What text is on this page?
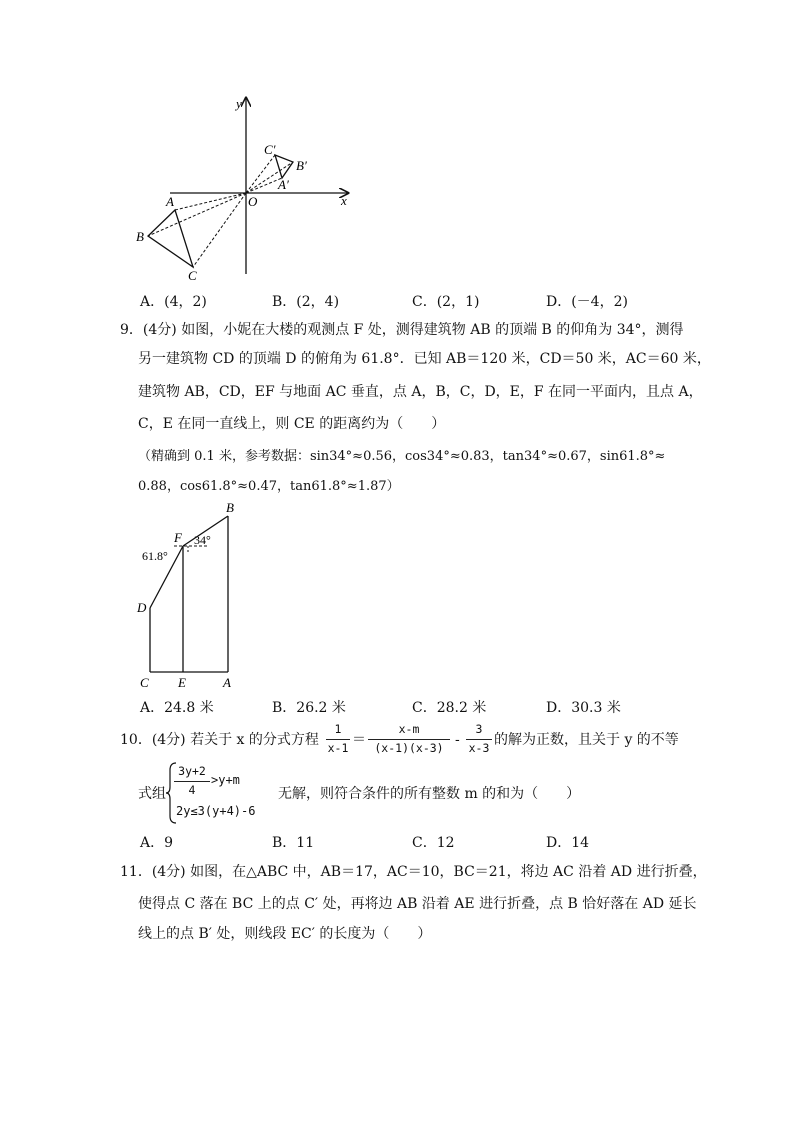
y
x
O
A
B
C
C′
B′
A′
A．(4，2)	B．(2，4)	C．(2，1)	D．(－4，2)
9．(4分) 如图，小妮在大楼的观测点 F 处，测得建筑物 AB 的顶端 B 的仰角为 34°，测得
另一建筑物 CD 的顶端 D 的俯角为 61.8°．已知 AB＝120 米，CD＝50 米，AC＝60 米，
建筑物 AB，CD，EF 与地面 AC 垂直，点 A，B，C，D，E，F 在同一平面内，且点 A，
C，E 在同一直线上，则 CE 的距离约为（　　）
（精确到 0.1 米，参考数据：sin34°≈0.56，cos34°≈0.83，tan34°≈0.67，sin61.8°≈
0.88，cos61.8°≈0.47，tan61.8°≈1.87）
B
F 34°
61.8°
D
C E	A
A．24.8 米	B．26.2 米	C．28.2 米	D．30.3 米
10．(4分) 若关于 x 的分式方程
1
x-1 ＝
x-m
(x-1)(x-3) -
3
x-3 的解为正数，且关于 y 的不等
式组
3y+2
4
>y+m
2y≤3(y+4)-6
无解，则符合条件的所有整数 m 的和为（　　）
A．9	B．11	C．12	D．14
11．(4分) 如图，在△ABC 中，AB＝17，AC＝10，BC＝21，将边 AC 沿着 AD 进行折叠，
使得点 C 落在 BC 上的点 C′ 处，再将边 AB 沿着 AE 进行折叠，点 B 恰好落在 AD 延长
线上的点 B′ 处，则线段 EC′ 的长度为（　　）
